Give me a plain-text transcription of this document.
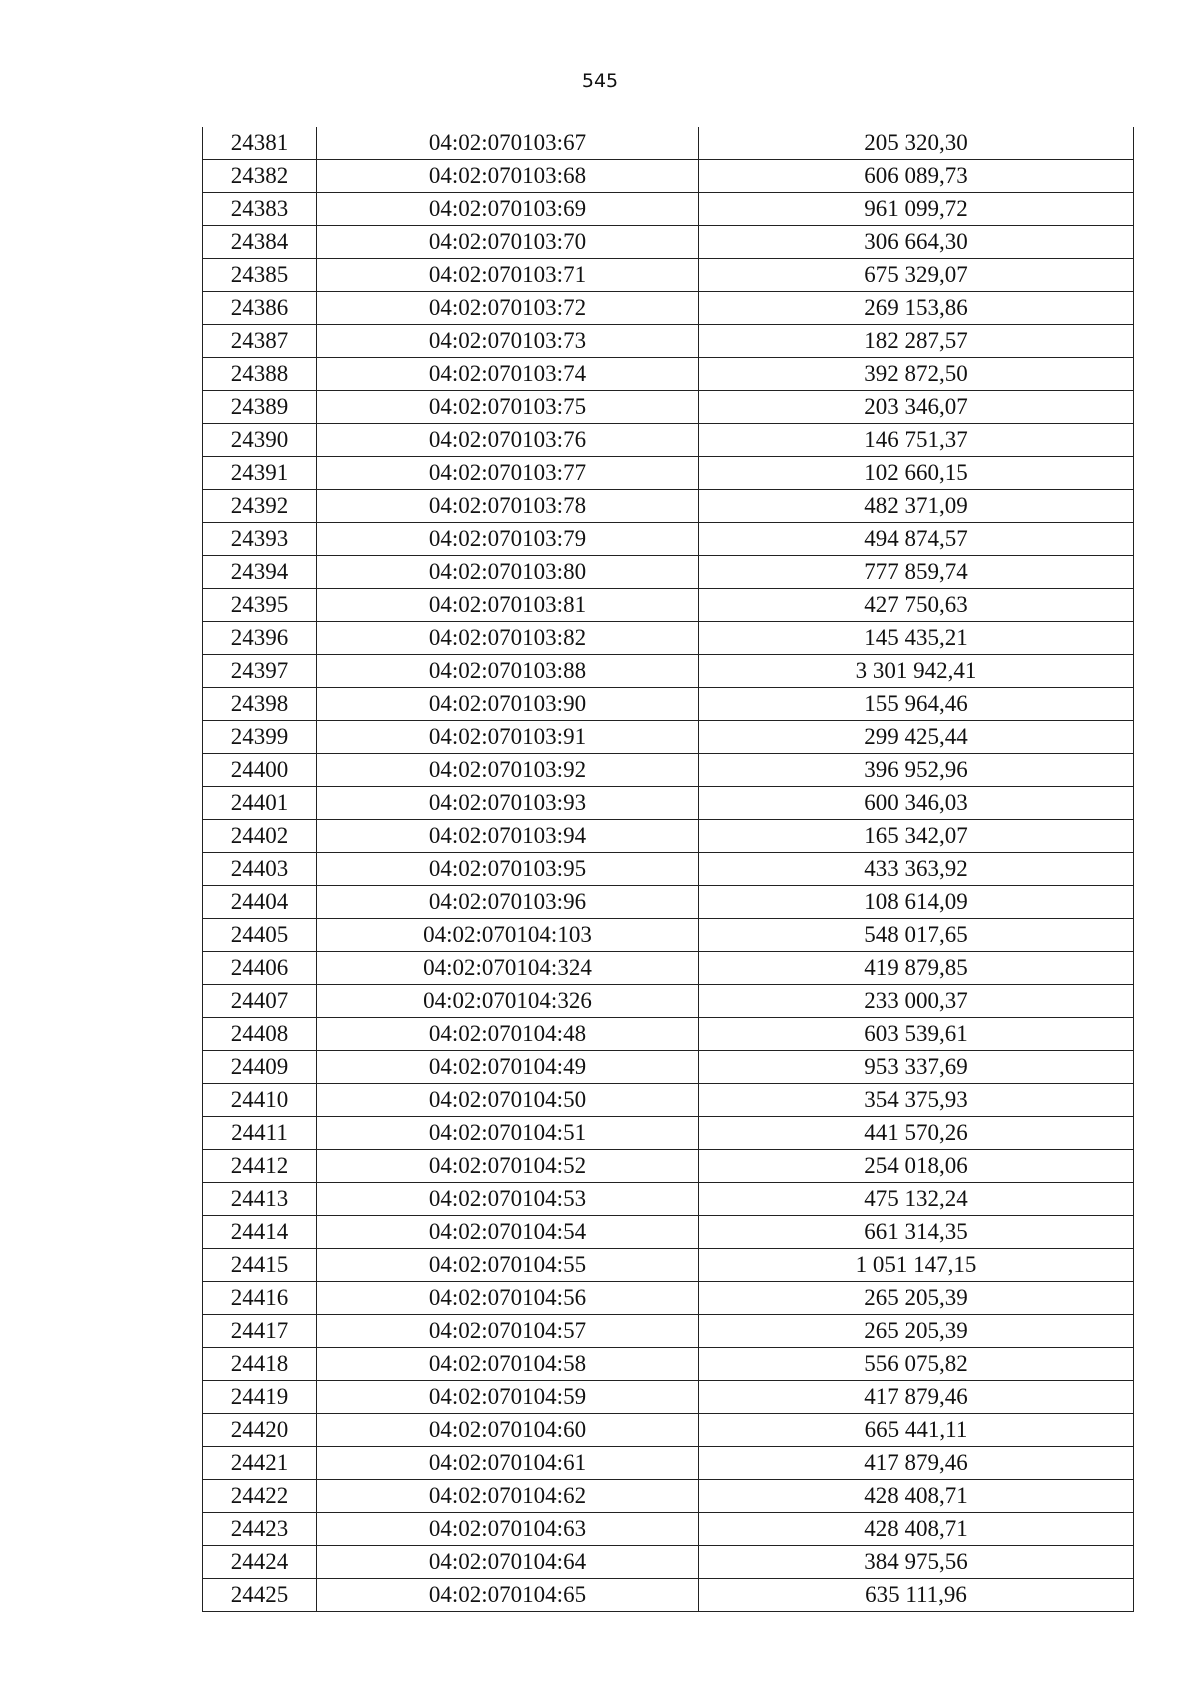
545
24381	04:02:070103:67	205 320,30
24382	04:02:070103:68	606 089,73
24383	04:02:070103:69	961 099,72
24384	04:02:070103:70	306 664,30
24385	04:02:070103:71	675 329,07
24386	04:02:070103:72	269 153,86
24387	04:02:070103:73	182 287,57
24388	04:02:070103:74	392 872,50
24389	04:02:070103:75	203 346,07
24390	04:02:070103:76	146 751,37
24391	04:02:070103:77	102 660,15
24392	04:02:070103:78	482 371,09
24393	04:02:070103:79	494 874,57
24394	04:02:070103:80	777 859,74
24395	04:02:070103:81	427 750,63
24396	04:02:070103:82	145 435,21
24397	04:02:070103:88	3 301 942,41
24398	04:02:070103:90	155 964,46
24399	04:02:070103:91	299 425,44
24400	04:02:070103:92	396 952,96
24401	04:02:070103:93	600 346,03
24402	04:02:070103:94	165 342,07
24403	04:02:070103:95	433 363,92
24404	04:02:070103:96	108 614,09
24405	04:02:070104:103	548 017,65
24406	04:02:070104:324	419 879,85
24407	04:02:070104:326	233 000,37
24408	04:02:070104:48	603 539,61
24409	04:02:070104:49	953 337,69
24410	04:02:070104:50	354 375,93
24411	04:02:070104:51	441 570,26
24412	04:02:070104:52	254 018,06
24413	04:02:070104:53	475 132,24
24414	04:02:070104:54	661 314,35
24415	04:02:070104:55	1 051 147,15
24416	04:02:070104:56	265 205,39
24417	04:02:070104:57	265 205,39
24418	04:02:070104:58	556 075,82
24419	04:02:070104:59	417 879,46
24420	04:02:070104:60	665 441,11
24421	04:02:070104:61	417 879,46
24422	04:02:070104:62	428 408,71
24423	04:02:070104:63	428 408,71
24424	04:02:070104:64	384 975,56
24425	04:02:070104:65	635 111,96
